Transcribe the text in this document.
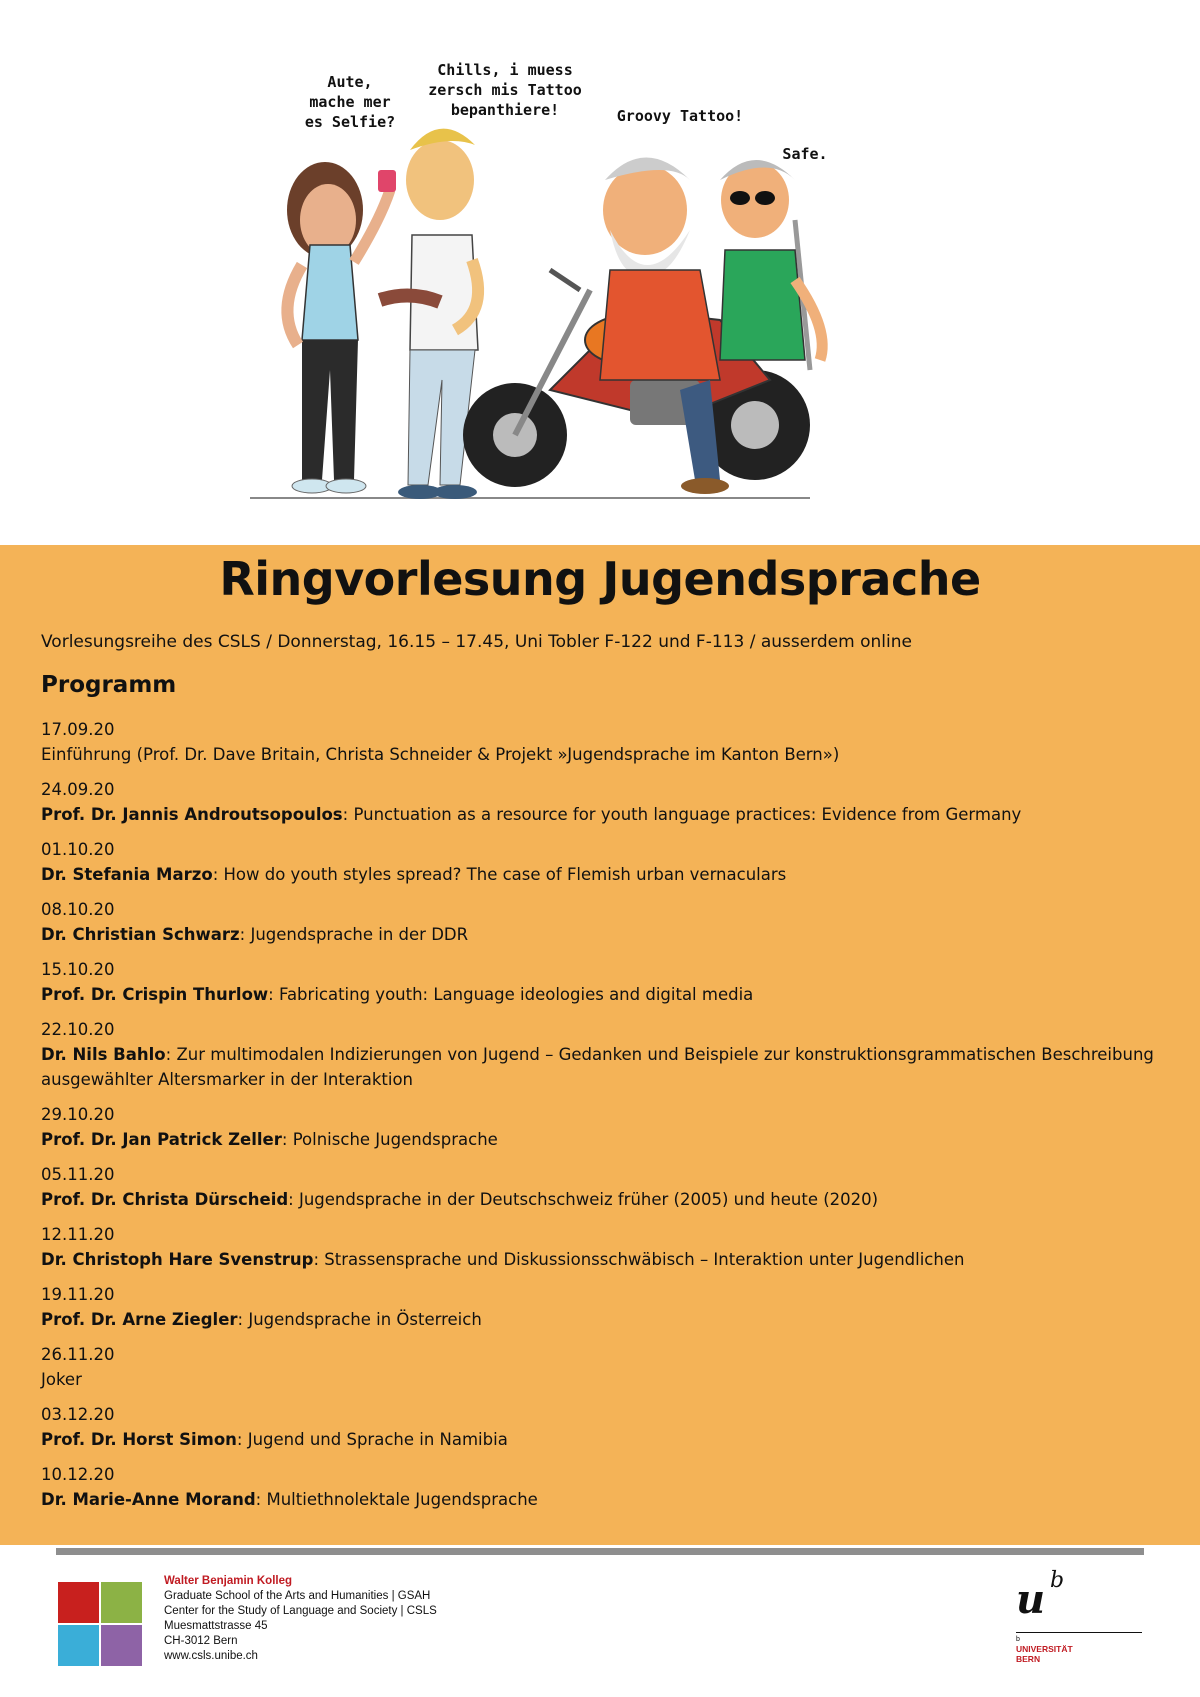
Aute,
mache mer
es Selfie?
Chills, i muess
zersch mis Tattoo
bepanthiere!	Groovy Tattoo!
Safe.
Ringvorlesung Jugendsprache
Vorlesungsreihe des CSLS / Donnerstag, 16.15 – 17.45, Uni Tobler F-122 und F-113 / ausserdem online
Programm
17.09.20
Einführung (Prof. Dr. Dave Britain, Christa Schneider & Projekt »Jugendsprache im Kanton Bern»)
24.09.20
Prof. Dr. Jannis Androutsopoulos: Punctuation as a resource for youth language practices: Evidence from Germany
01.10.20
Dr. Stefania Marzo: How do youth styles spread? The case of Flemish urban vernaculars
08.10.20
Dr. Christian Schwarz: Jugendsprache in der DDR
15.10.20
Prof. Dr. Crispin Thurlow: Fabricating youth: Language ideologies and digital media
22.10.20
Dr. Nils Bahlo: Zur multimodalen Indizierungen von Jugend – Gedanken und Beispiele zur konstruktionsgrammatischen Beschreibung ausgewählter Altersmarker in der Interaktion
29.10.20
Prof. Dr. Jan Patrick Zeller: Polnische Jugendsprache
05.11.20
Prof. Dr. Christa Dürscheid: Jugendsprache in der Deutschschweiz früher (2005) und heute (2020)
12.11.20
Dr. Christoph Hare Svenstrup: Strassensprache und Diskussionsschwäbisch – Interaktion unter Jugendlichen
19.11.20
Prof. Dr. Arne Ziegler: Jugendsprache in Österreich
26.11.20
Joker
03.12.20
Prof. Dr. Horst Simon: Jugend und Sprache in Namibia
10.12.20
Dr. Marie-Anne Morand: Multiethnolektale Jugendsprache
Walter Benjamin Kolleg
Graduate School of the Arts and Humanities | GSAH
Center for the Study of Language and Society | CSLS
Muesmattstrasse 45
CH-3012 Bern
www.csls.unibe.ch
u b
b
UNIVERSITÄT
BERN
